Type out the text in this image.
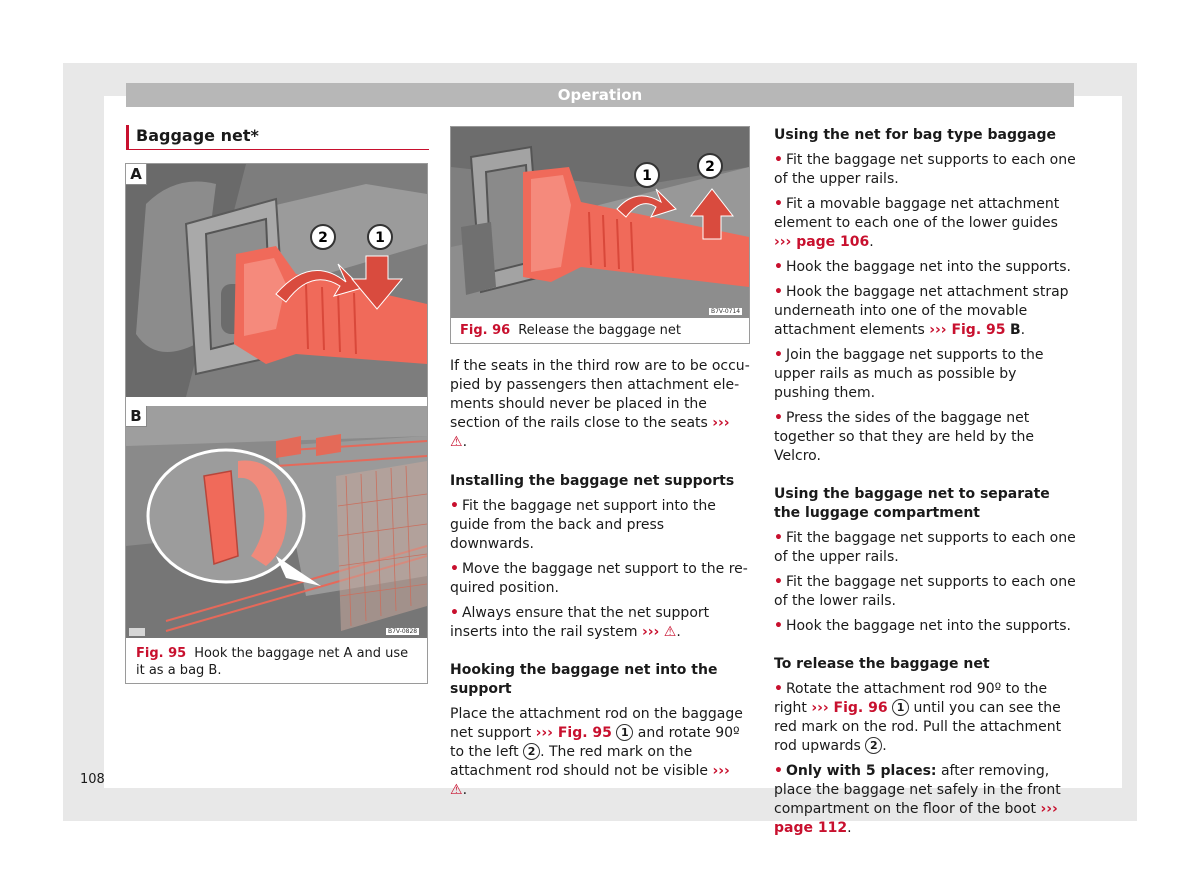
Operation
Baggage net*
2	1
A
B
B7V-0828
Fig. 95 Hook the baggage net A and use it as a bag B.
1
2
B7V-0714
Fig. 96 Release the baggage net

If the seats in the third row are to be occupied by passengers then attachment elements should never be placed in the section of the rails close to the seats ››› ⚠.

Installing the baggage net supports

• Fit the baggage net support into the guide from the back and press downwards.

• Move the baggage net support to the required position.

• Always ensure that the net support inserts into the rail system ››› ⚠.

Hooking the baggage net into the support

Place the attachment rod on the baggage net support ››› Fig. 95 1 and rotate 90º to the left 2 . The red mark on the attachment rod should not be visible ››› ⚠.

Using the net for bag type baggage

• Fit the baggage net supports to each one of the upper rails.

• Fit a movable baggage net attachment element to each one of the lower guides ››› page 106.

• Hook the baggage net into the supports.

• Hook the baggage net attachment strap underneath into one of the movable attachment elements ››› Fig. 95 B.

• Join the baggage net supports to the upper rails as much as possible by pushing them.

• Press the sides of the baggage net together so that they are held by the Velcro.

Using the baggage net to separate the luggage compartment

• Fit the baggage net supports to each one of the upper rails.

• Fit the baggage net supports to each one of the lower rails.

• Hook the baggage net into the supports.

To release the baggage net

• Rotate the attachment rod 90º to the right ››› Fig. 96 1 until you can see the red mark on the rod. Pull the attachment rod upwards 2 .

• Only with 5 places: after removing, place the baggage net safely in the front compartment on the floor of the boot ››› page 112.

108
